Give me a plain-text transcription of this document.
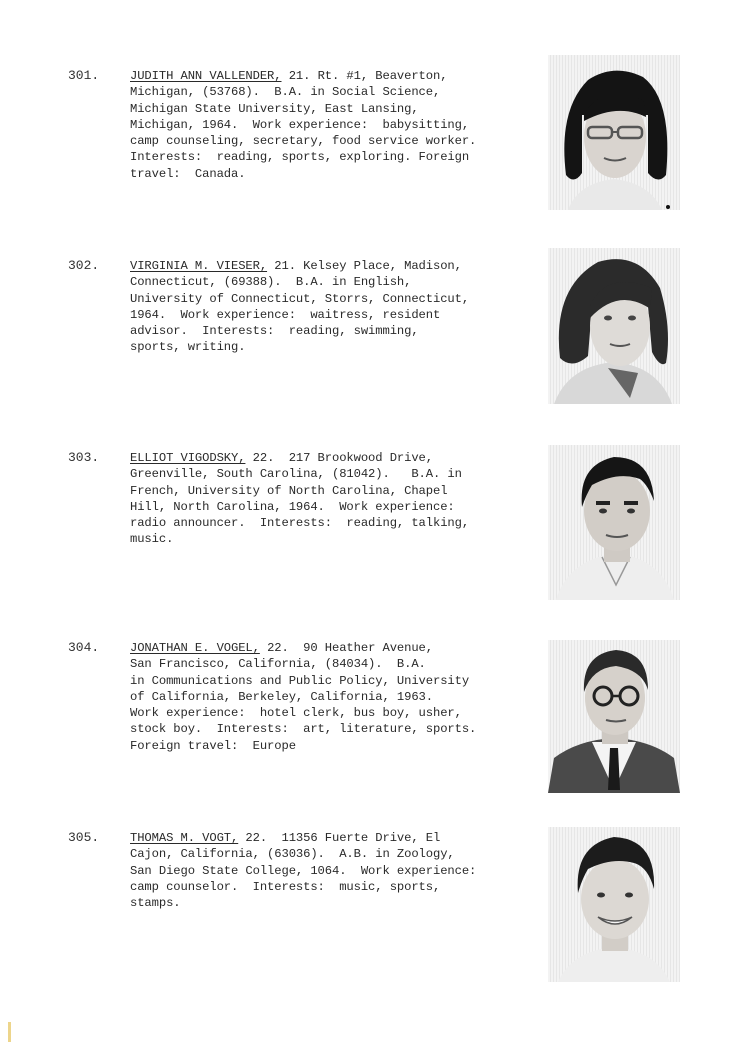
301.	JUDITH ANN VALLENDER, 21. Rt. #1, Beaverton,
Michigan, (53768).  B.A. in Social Science,
Michigan State University, East Lansing,
Michigan, 1964.  Work experience:  babysitting,
camp counseling, secretary, food service worker.
Interests:  reading, sports, exploring. Foreign
travel:  Canada.
302.	VIRGINIA M. VIESER, 21. Kelsey Place, Madison,
Connecticut, (69388).  B.A. in English,
University of Connecticut, Storrs, Connecticut,
1964.  Work experience:  waitress, resident
advisor.  Interests:  reading, swimming,
sports, writing.
303.	ELLIOT VIGODSKY, 22.  217 Brookwood Drive,
Greenville, South Carolina, (81042).   B.A. in
French, University of North Carolina, Chapel
Hill, North Carolina, 1964.  Work experience:
radio announcer.  Interests:  reading, talking,
music.
304.	JONATHAN E. VOGEL, 22.  90 Heather Avenue,
San Francisco, California, (84034).  B.A.
in Communications and Public Policy, University
of California, Berkeley, California, 1963.
Work experience:  hotel clerk, bus boy, usher,
stock boy.  Interests:  art, literature, sports.
Foreign travel:  Europe
305.	THOMAS M. VOGT, 22.  11356 Fuerte Drive, El
Cajon, California, (63036).  A.B. in Zoology,
San Diego State College, 1064.  Work experience:
camp counselor.  Interests:  music, sports,
stamps.
